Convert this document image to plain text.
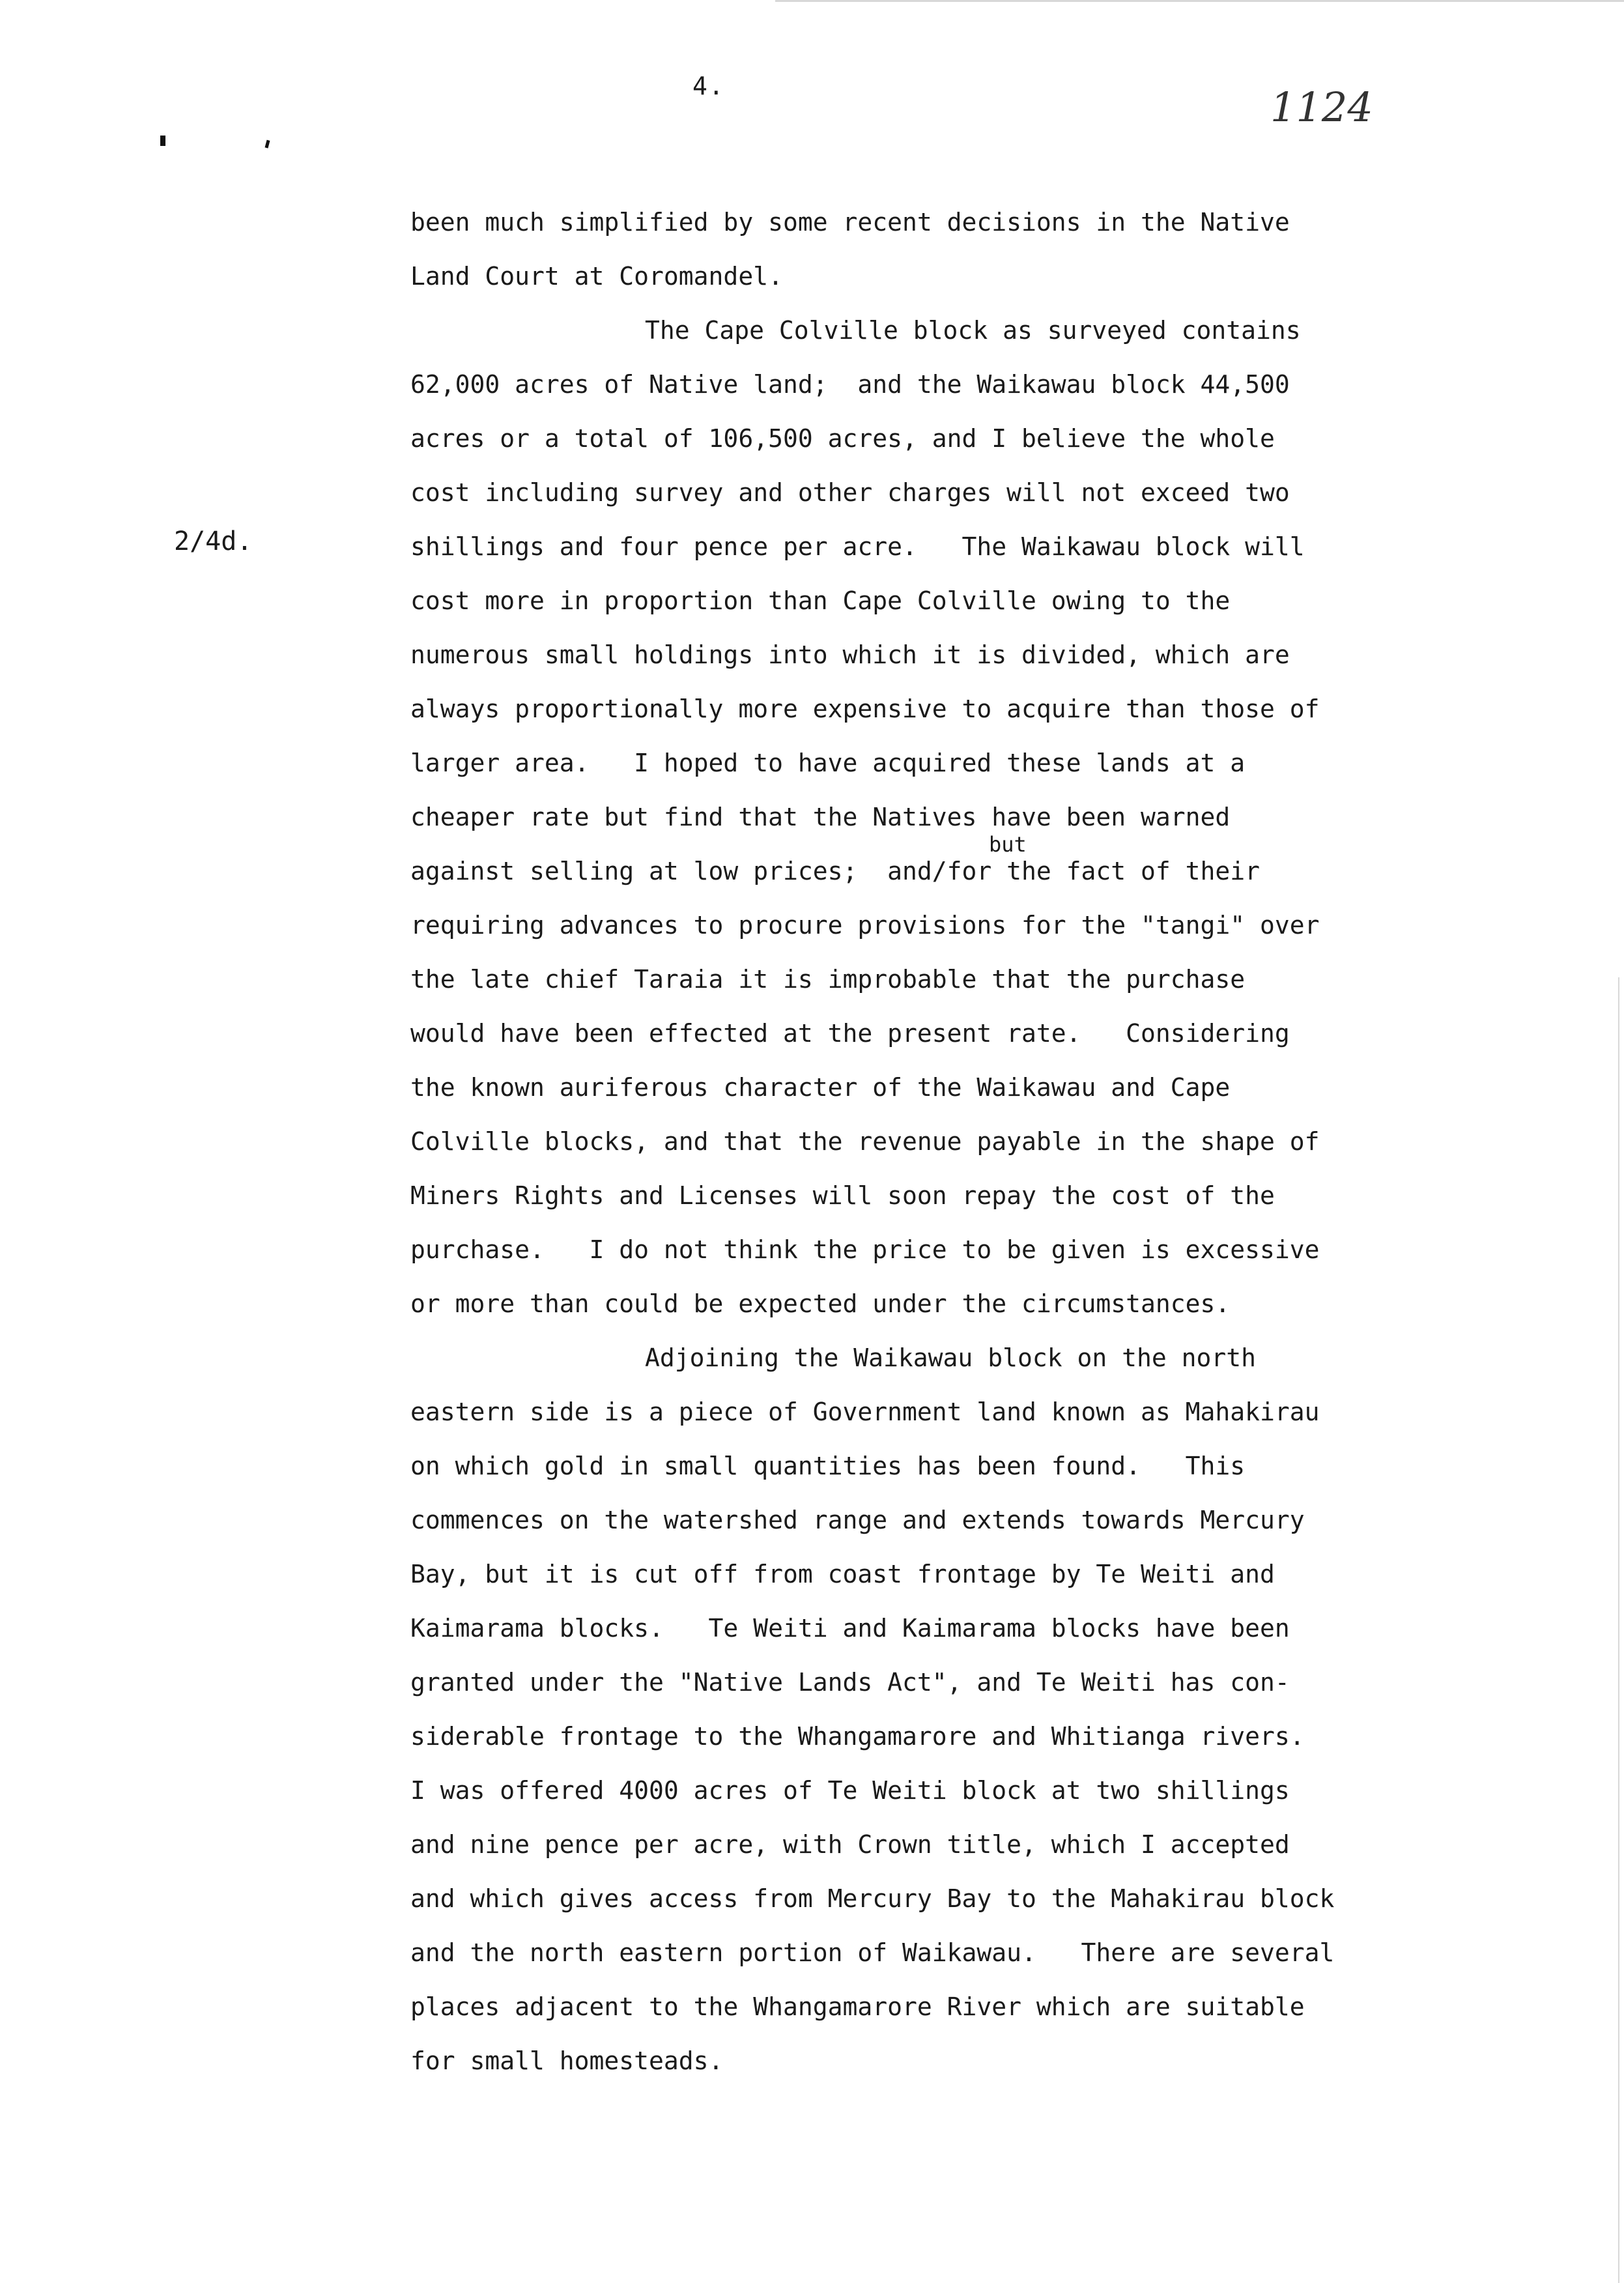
4.	1124
2/4d.
been much simplified by some recent decisions in the Native
Land Court at Coromandel.
The Cape Colville block as surveyed contains
62,000 acres of Native land;  and the Waikawau block 44,500
acres or a total of 106,500 acres, and I believe the whole
cost including survey and other charges will not exceed two
shillings and four pence per acre.   The Waikawau block will
cost more in proportion than Cape Colville owing to the
numerous small holdings into which it is divided, which are
always proportionally more expensive to acquire than those of
larger area.   I hoped to have acquired these lands at a
cheaper rate but find that the Natives have been warned
against selling at low prices;  and/for the fact of their
requiring advances to procure provisions for the "tangi" over
the late chief Taraia it is improbable that the purchase
would have been effected at the present rate.   Considering
the known auriferous character of the Waikawau and Cape
Colville blocks, and that the revenue payable in the shape of
Miners Rights and Licenses will soon repay the cost of the
purchase.   I do not think the price to be given is excessive
or more than could be expected under the circumstances.
but
Adjoining the Waikawau block on the north
eastern side is a piece of Government land known as Mahakirau
on which gold in small quantities has been found.   This
commences on the watershed range and extends towards Mercury
Bay, but it is cut off from coast frontage by Te Weiti and
Kaimarama blocks.   Te Weiti and Kaimarama blocks have been
granted under the "Native Lands Act", and Te Weiti has con-
siderable frontage to the Whangamarore and Whitianga rivers.
I was offered 4000 acres of Te Weiti block at two shillings
and nine pence per acre, with Crown title, which I accepted
and which gives access from Mercury Bay to the Mahakirau block
and the north eastern portion of Waikawau.   There are several
places adjacent to the Whangamarore River which are suitable
for small homesteads.
